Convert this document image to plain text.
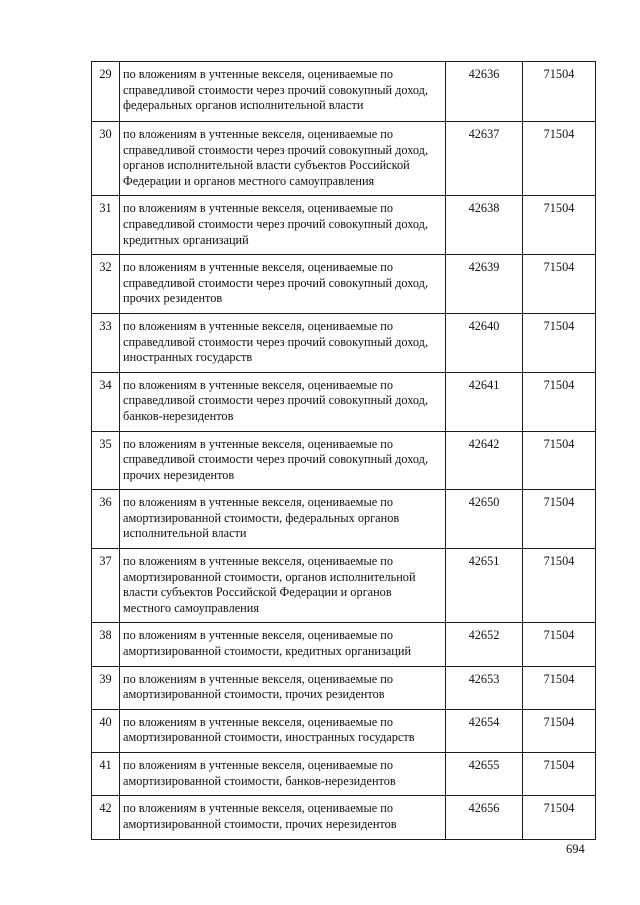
29	по вложениям в учтенные векселя, оцениваемые по справедливой стоимости через прочий совокупный доход, федеральных органов исполнительной власти	42636	71504
30	по вложениям в учтенные векселя, оцениваемые по справедливой стоимости через прочий совокупный доход, органов исполнительной власти субъектов Российской Федерации и органов местного самоуправления	42637	71504
31	по вложениям в учтенные векселя, оцениваемые по справедливой стоимости через прочий совокупный доход, кредитных организаций	42638	71504
32	по вложениям в учтенные векселя, оцениваемые по справедливой стоимости через прочий совокупный доход, прочих резидентов	42639	71504
33	по вложениям в учтенные векселя, оцениваемые по справедливой стоимости через прочий совокупный доход, иностранных государств	42640	71504
34	по вложениям в учтенные векселя, оцениваемые по справедливой стоимости через прочий совокупный доход, банков-нерезидентов	42641	71504
35	по вложениям в учтенные векселя, оцениваемые по справедливой стоимости через прочий совокупный доход, прочих нерезидентов	42642	71504
36	по вложениям в учтенные векселя, оцениваемые по амортизированной стоимости, федеральных органов исполнительной власти	42650	71504
37	по вложениям в учтенные векселя, оцениваемые по амортизированной стоимости, органов исполнительной власти субъектов Российской Федерации и органов местного самоуправления	42651	71504
38	по вложениям в учтенные векселя, оцениваемые по амортизированной стоимости, кредитных организаций	42652	71504
39	по вложениям в учтенные векселя, оцениваемые по амортизированной стоимости, прочих резидентов	42653	71504
40	по вложениям в учтенные векселя, оцениваемые по амортизированной стоимости, иностранных государств	42654	71504
41	по вложениям в учтенные векселя, оцениваемые по амортизированной стоимости, банков-нерезидентов	42655	71504
42	по вложениям в учтенные векселя, оцениваемые по амортизированной стоимости, прочих нерезидентов	42656	71504
694
